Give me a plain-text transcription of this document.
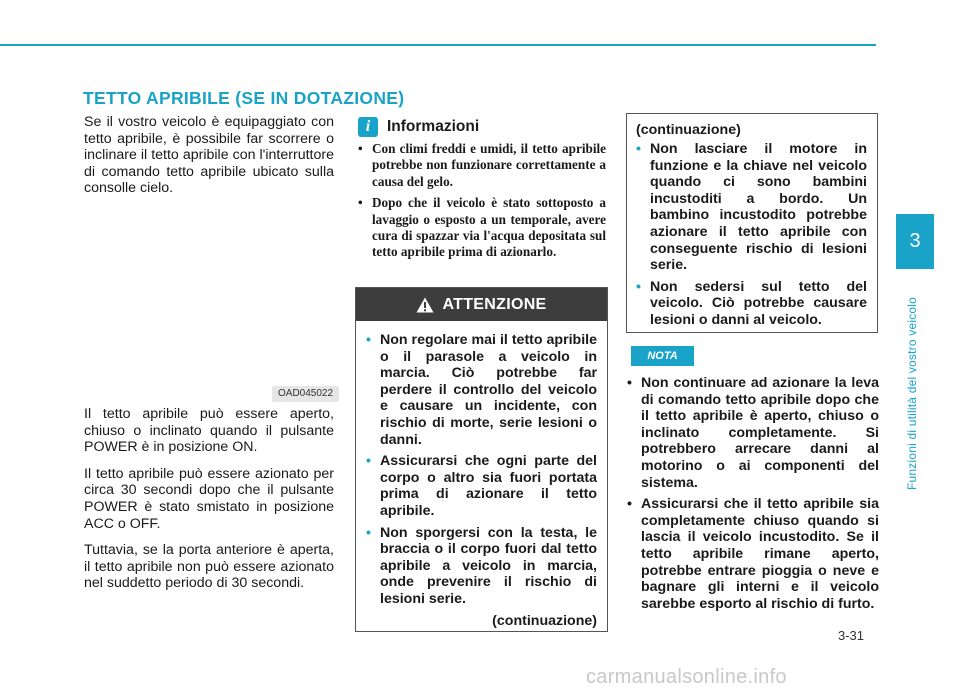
TETTO APRIBILE (SE IN DOTAZIONE)

Se il vostro veicolo è equipaggiato con tetto apribile, è possibile far scorrere o inclinare il tetto apribile con l'interruttore di comando tetto apribile ubicato sulla consolle cielo.

OAD045022

Il tetto apribile può essere aperto, chiuso o inclinato quando il pulsante POWER è in posizione ON.

Il tetto apribile può essere azionato per circa 30 secondi dopo che il pulsante POWER è stato smistato in posizione ACC o OFF.

Tuttavia, se la porta anteriore è aperta, il tetto apribile non può essere azionato nel suddetto periodo di 30 secondi.

i	Informazioni
• Con climi freddi e umidi, il tetto apribile potrebbe non funzionare correttamente a causa del gelo.
• Dopo che il veicolo è stato sottoposto a lavaggio o esposto a un temporale, avere cura di spazzar via l'acqua depositata sul tetto apribile prima di azionarlo.
ATTENZIONE
• Non regolare mai il tetto apribile o il parasole a veicolo in marcia. Ciò potrebbe far perdere il controllo del veicolo e causare un incidente, con rischio di morte, serie lesioni o danni.
• Assicurarsi che ogni parte del corpo o altro sia fuori portata prima di azionare il tetto apribile.
• Non sporgersi con la testa, le braccia o il corpo fuori dal tetto apribile a veicolo in marcia, onde prevenire il rischio di lesioni serie.
(continuazione)
(continuazione)
• Non lasciare il motore in funzione e la chiave nel veicolo quando ci sono bambini incustoditi a bordo. Un bambino incustodito potrebbe azionare il tetto apribile con conseguente rischio di lesioni serie.
• Non sedersi sul tetto del veicolo. Ciò potrebbe causare lesioni o danni al veicolo.
NOTA
• Non continuare ad azionare la leva di comando tetto apribile dopo che il tetto apribile è aperto, chiuso o inclinato completamente. Si potrebbero arrecare danni al motorino o ai componenti del sistema.
• Assicurarsi che il tetto apribile sia completamente chiuso quando si lascia il veicolo incustodito. Se il tetto apribile rimane aperto, potrebbe entrare pioggia o neve e bagnare gli interni e il veicolo sarebbe esporto al rischio di furto.
3
Funzioni di utilità del vostro veicolo
3-31
carmanualsonline.info
